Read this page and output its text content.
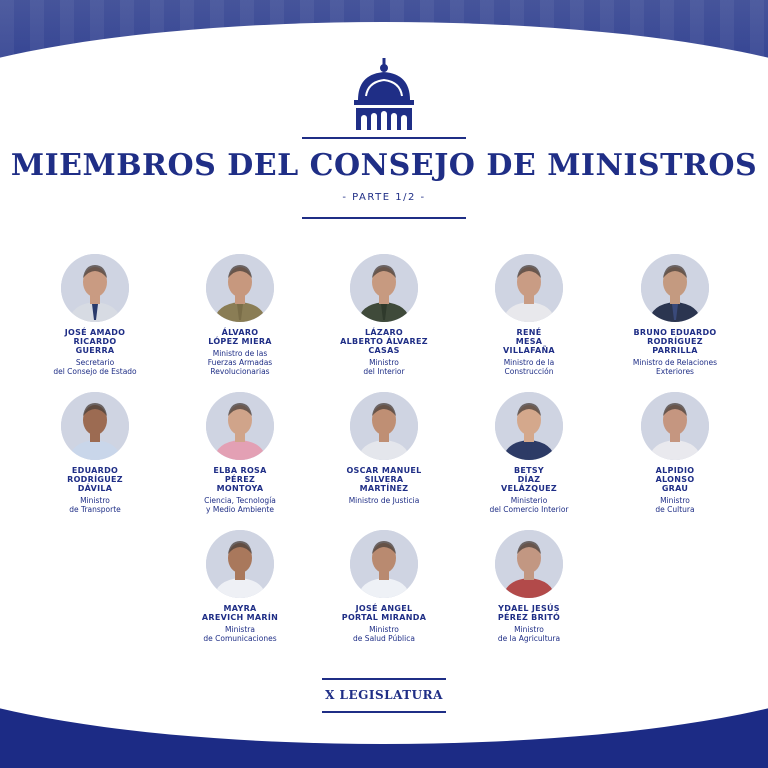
MIEMBROS DEL CONSEJO DE MINISTROS
- PARTE 1/2 -
JOSÉ AMADO
RICARDO
GUERRA
Secretario
del Consejo de Estado
ÁLVARO
LÓPEZ MIERA
Ministro de las
Fuerzas Armadas
Revolucionarias
LÁZARO
ALBERTO ÁLVAREZ
CASAS
Ministro
del Interior
RENÉ
MESA
VILLAFAÑA
Ministro de la
Construcción
BRUNO EDUARDO
RODRÍGUEZ
PARRILLA
Ministro de Relaciones
Exteriores
EDUARDO
RODRÍGUEZ
DÁVILA
Ministro
de Transporte
ELBA ROSA
PÉREZ
MONTOYA
Ciencia, Tecnología
y Medio Ambiente
OSCAR MANUEL
SILVERA
MARTÍNEZ
Ministro de Justicia
BETSY
DÍAZ
VELÁZQUEZ
Ministerio
del Comercio Interior
ALPIDIO
ALONSO
GRAU
Ministro
de Cultura
MAYRA
AREVICH MARÍN
Ministra
de Comunicaciones
JOSÉ ANGEL
PORTAL MIRANDA
Ministro
de Salud Pública
YDAEL JESÚS
PÉREZ BRITÓ
Ministro
de la Agricultura
X LEGISLATURA
